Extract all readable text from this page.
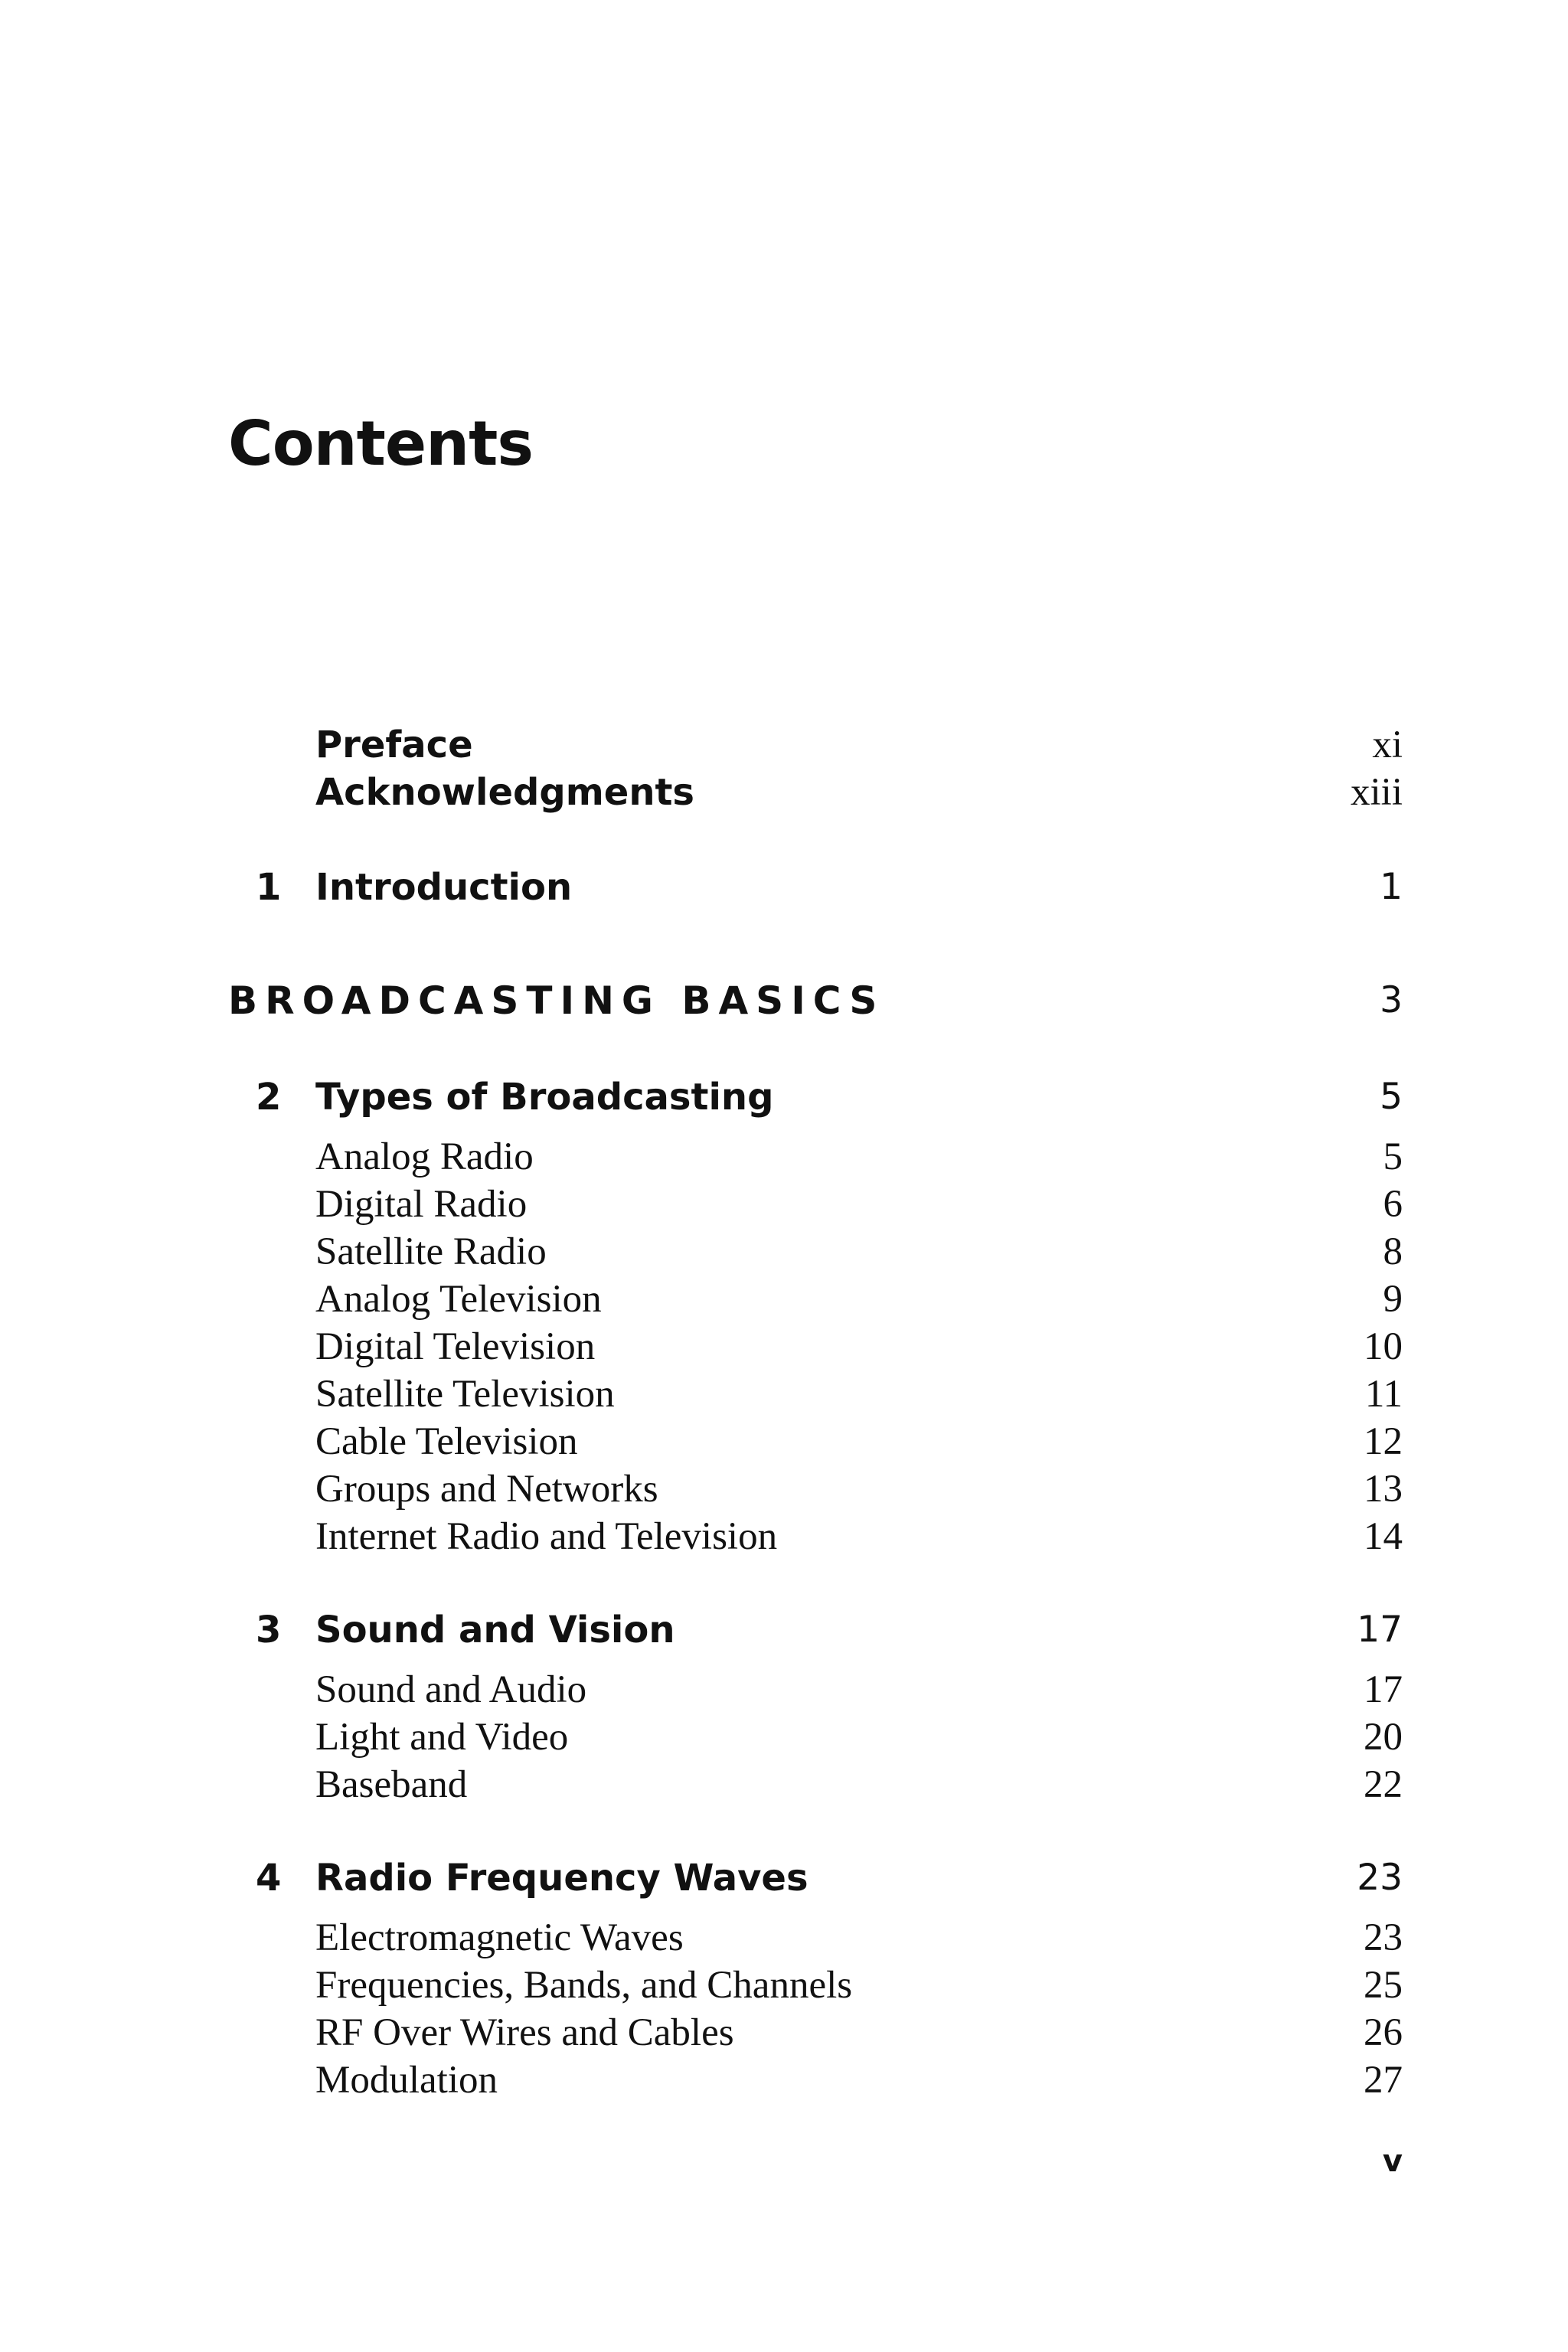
Contents
Preface	xi
Acknowledgments	xiii
1 Introduction	1
BROADCASTING BASICS	3
2 Types of Broadcasting	5
Analog Radio	5
Digital Radio	6
Satellite Radio	8
Analog Television	9
Digital Television	10
Satellite Television	11
Cable Television	12
Groups and Networks	13
Internet Radio and Television	14
3 Sound and Vision	17
Sound and Audio	17
Light and Video	20
Baseband	22
4 Radio Frequency Waves	23
Electromagnetic Waves	23
Frequencies, Bands, and Channels	25
RF Over Wires and Cables	26
Modulation	27
v
